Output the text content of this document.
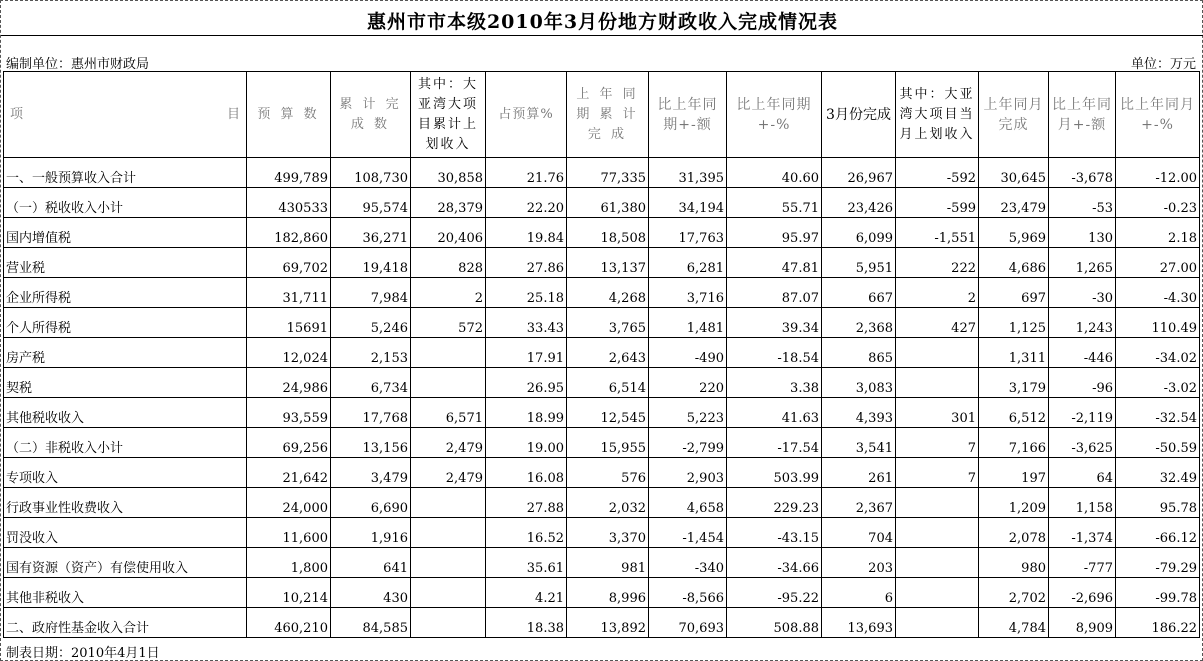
惠州市市本级2010年3月份地方财政收入完成情况表
编制单位：惠州市财政局	单位：万元
项 目	预 算 数	累 计 完 成 数	其中：大亚湾大项目累计上划收入	占预算%	上 年 同 期 累 计 完 成	比上年同期+-额	比上年同期+-%	3月份完成	其中：大亚湾大项目当月上划收入	上年同月完成	比上年同月+-额	比上年同月+-%
一、一般预算收入合计	499,789	108,730	30,858	21.76	77,335	31,395	40.60	26,967	-592	30,645	-3,678	-12.00
（一）税收收入小计	430533	95,574	28,379	22.20	61,380	34,194	55.71	23,426	-599	23,479	-53	-0.23
国内增值税	182,860	36,271	20,406	19.84	18,508	17,763	95.97	6,099	-1,551	5,969	130	2.18
营业税	69,702	19,418	828	27.86	13,137	6,281	47.81	5,951	222	4,686	1,265	27.00
企业所得税	31,711	7,984	2	25.18	4,268	3,716	87.07	667	2	697	-30	-4.30
个人所得税	15691	5,246	572	33.43	3,765	1,481	39.34	2,368	427	1,125	1,243	110.49
房产税	12,024	2,153		17.91	2,643	-490	-18.54	865		1,311	-446	-34.02
契税	24,986	6,734		26.95	6,514	220	3.38	3,083		3,179	-96	-3.02
其他税收收入	93,559	17,768	6,571	18.99	12,545	5,223	41.63	4,393	301	6,512	-2,119	-32.54
（二）非税收入小计	69,256	13,156	2,479	19.00	15,955	-2,799	-17.54	3,541	7	7,166	-3,625	-50.59
专项收入	21,642	3,479	2,479	16.08	576	2,903	503.99	261	7	197	64	32.49
行政事业性收费收入	24,000	6,690		27.88	2,032	4,658	229.23	2,367		1,209	1,158	95.78
罚没收入	11,600	1,916		16.52	3,370	-1,454	-43.15	704		2,078	-1,374	-66.12
国有资源（资产）有偿使用收入	1,800	641		35.61	981	-340	-34.66	203		980	-777	-79.29
其他非税收入	10,214	430		4.21	8,996	-8,566	-95.22	6		2,702	-2,696	-99.78
二、政府性基金收入合计	460,210	84,585		18.38	13,892	70,693	508.88	13,693		4,784	8,909	186.22
制表日期：2010年4月1日
